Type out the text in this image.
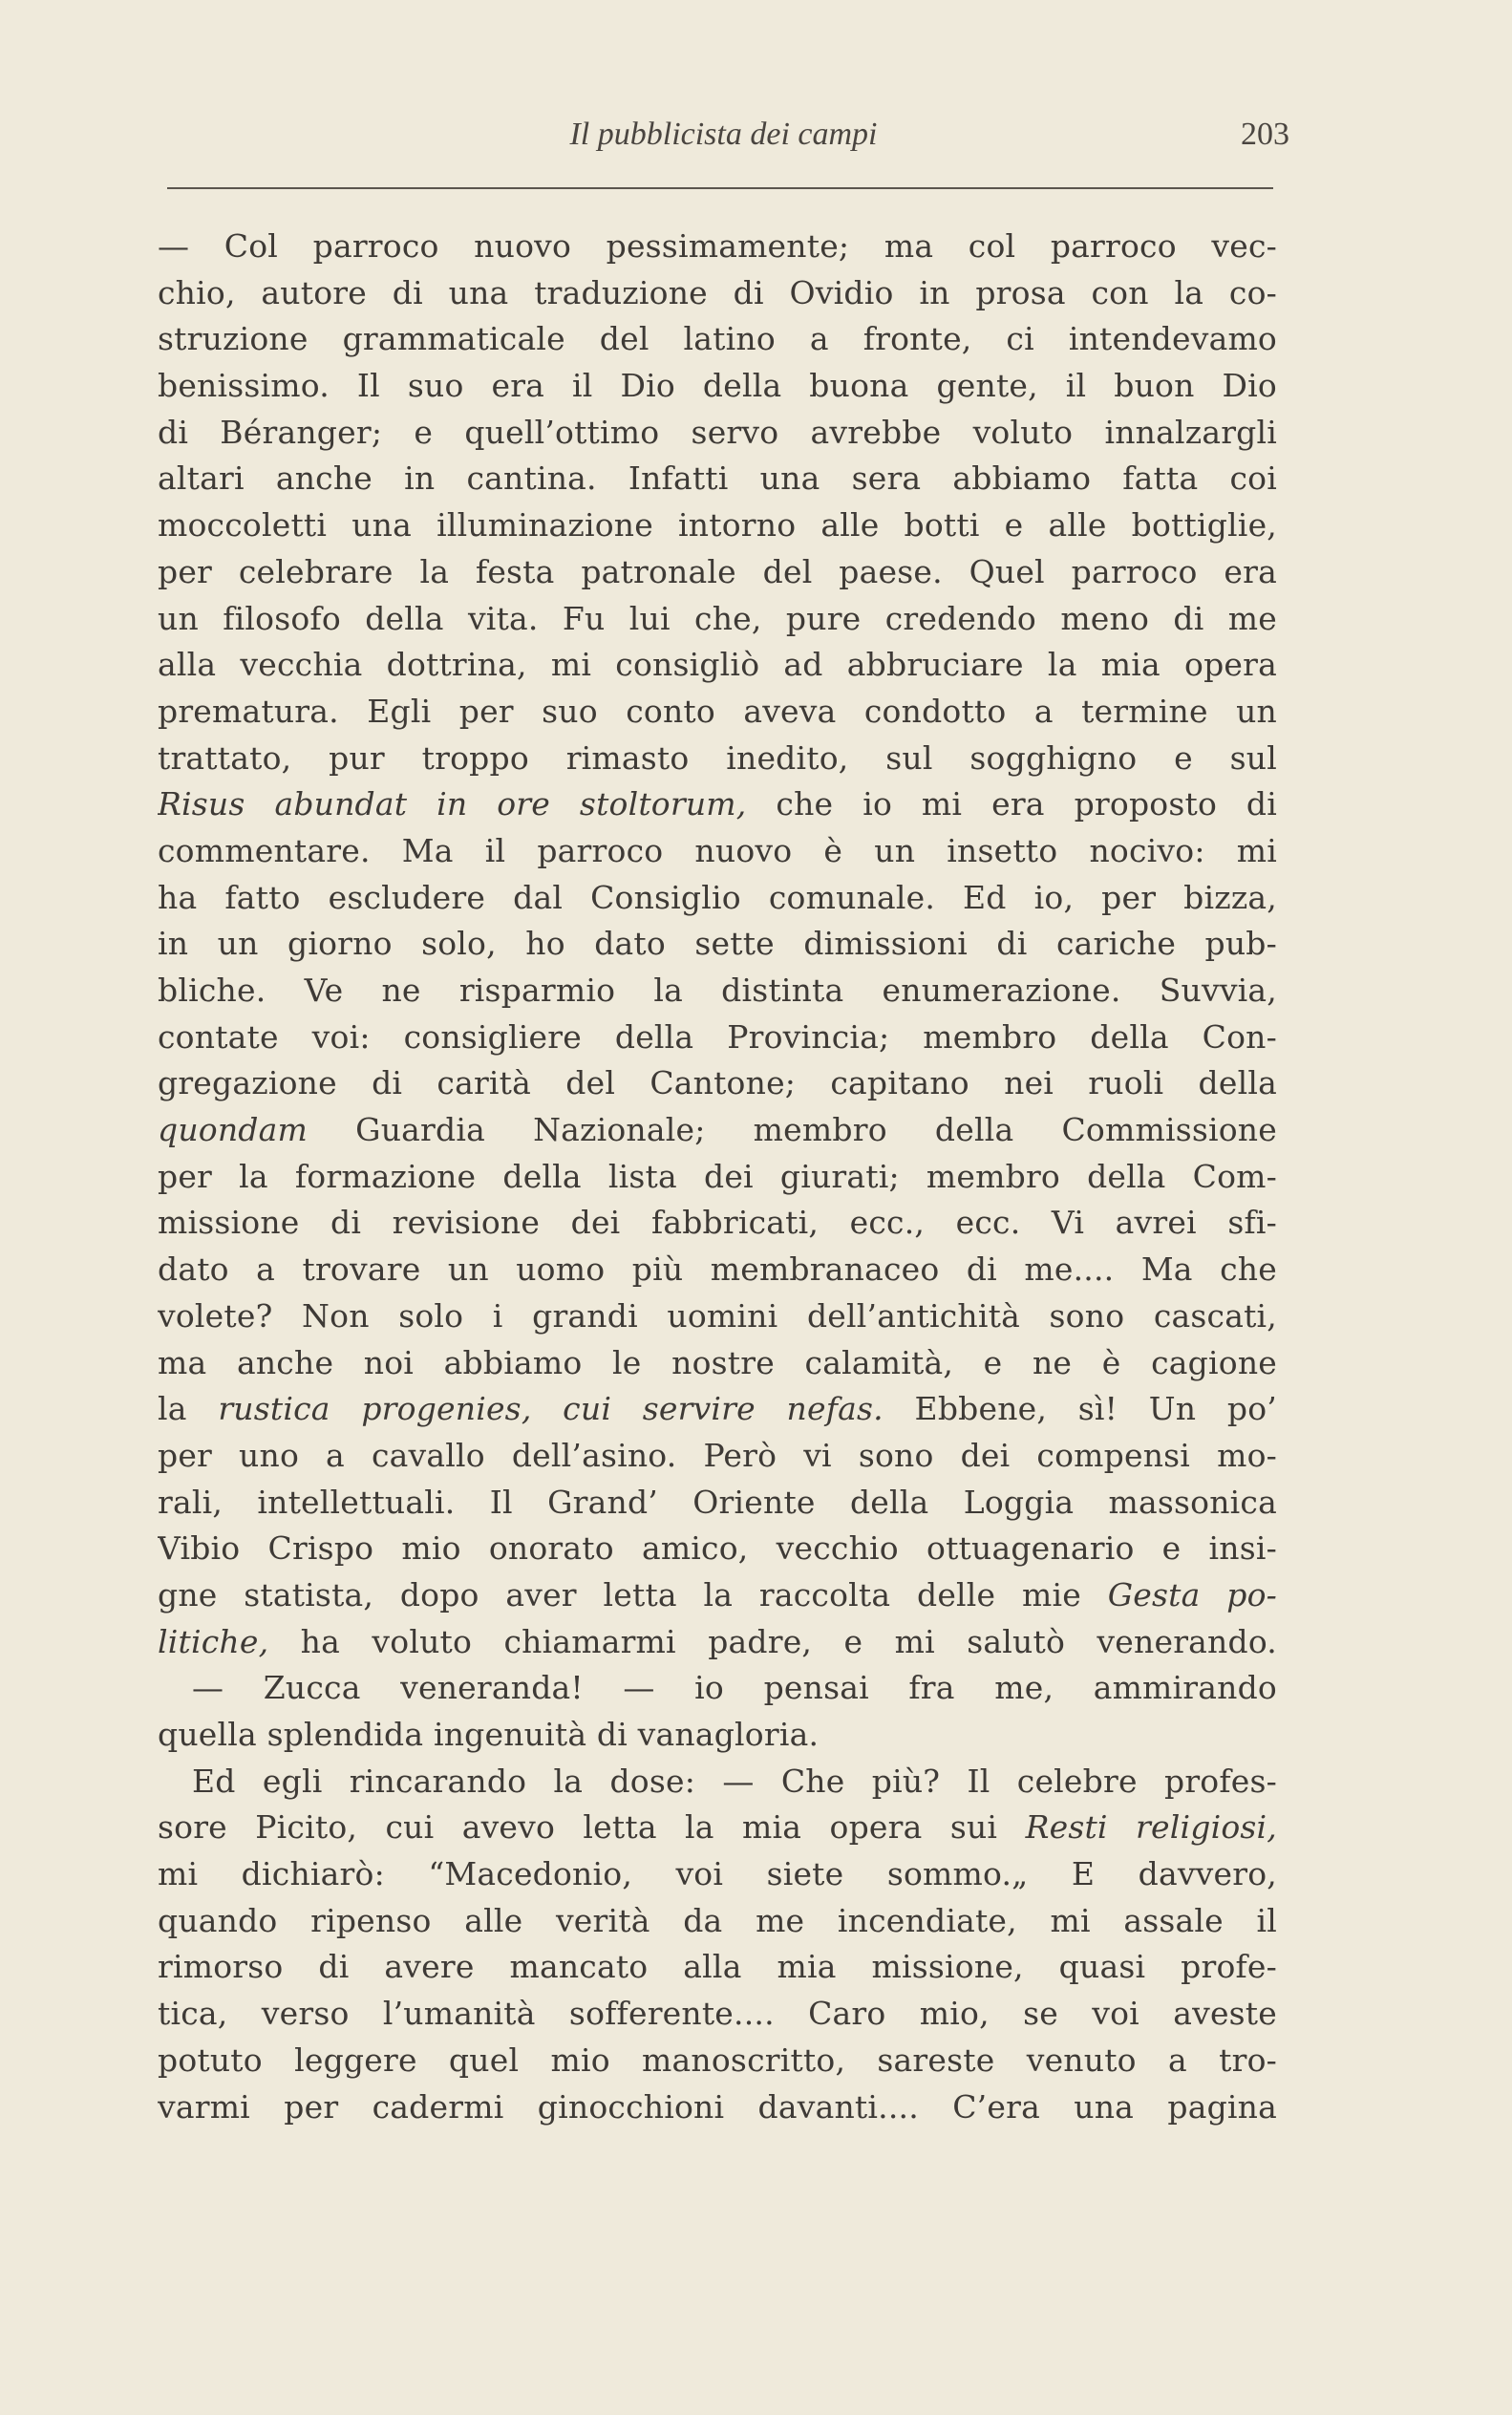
Il pubblicista dei campi	203
— Col parroco nuovo pessimamente; ma col parroco vec-
chio, autore di una traduzione di Ovidio in prosa con la co-
struzione grammaticale del latino a fronte, ci intendevamo
benissimo. Il suo era il Dio della buona gente, il buon Dio
di Béranger; e quell’ottimo servo avrebbe voluto innalzargli
altari anche in cantina. Infatti una sera abbiamo fatta coi
moccoletti una illuminazione intorno alle botti e alle bottiglie,
per celebrare la festa patronale del paese. Quel parroco era
un filosofo della vita. Fu lui che, pure credendo meno di me
alla vecchia dottrina, mi consigliò ad abbruciare la mia opera
prematura. Egli per suo conto aveva condotto a termine un
trattato, pur troppo rimasto inedito, sul sogghigno e sul
Risus abundat in ore stoltorum, che io mi era proposto di
commentare. Ma il parroco nuovo è un insetto nocivo: mi
ha fatto escludere dal Consiglio comunale. Ed io, per bizza,
in un giorno solo, ho dato sette dimissioni di cariche pub-
bliche. Ve ne risparmio la distinta enumerazione. Suvvia,
contate voi: consigliere della Provincia; membro della Con-
gregazione di carità del Cantone; capitano nei ruoli della
quondam Guardia Nazionale; membro della Commissione
per la formazione della lista dei giurati; membro della Com-
missione di revisione dei fabbricati, ecc., ecc. Vi avrei sfi-
dato a trovare un uomo più membranaceo di me.... Ma che
volete? Non solo i grandi uomini dell’antichità sono cascati,
ma anche noi abbiamo le nostre calamità, e ne è cagione
la rustica progenies, cui servire nefas. Ebbene, sì! Un po’
per uno a cavallo dell’asino. Però vi sono dei compensi mo-
rali, intellettuali. Il Grand’ Oriente della Loggia massonica
Vibio Crispo mio onorato amico, vecchio ottuagenario e insi-
gne statista, dopo aver letta la raccolta delle mie Gesta po-
litiche, ha voluto chiamarmi padre, e mi salutò venerando.
— Zucca veneranda! — io pensai fra me, ammirando
quella splendida ingenuità di vanagloria.
Ed egli rincarando la dose: — Che più? Il celebre profes-
sore Picito, cui avevo letta la mia opera sui Resti religiosi,
mi dichiarò: “Macedonio, voi siete sommo.„ E davvero,
quando ripenso alle verità da me incendiate, mi assale il
rimorso di avere mancato alla mia missione, quasi profe-
tica, verso l’umanità sofferente.... Caro mio, se voi aveste
potuto leggere quel mio manoscritto, sareste venuto a tro-
varmi per cadermi ginocchioni davanti.... C’era una pagina
